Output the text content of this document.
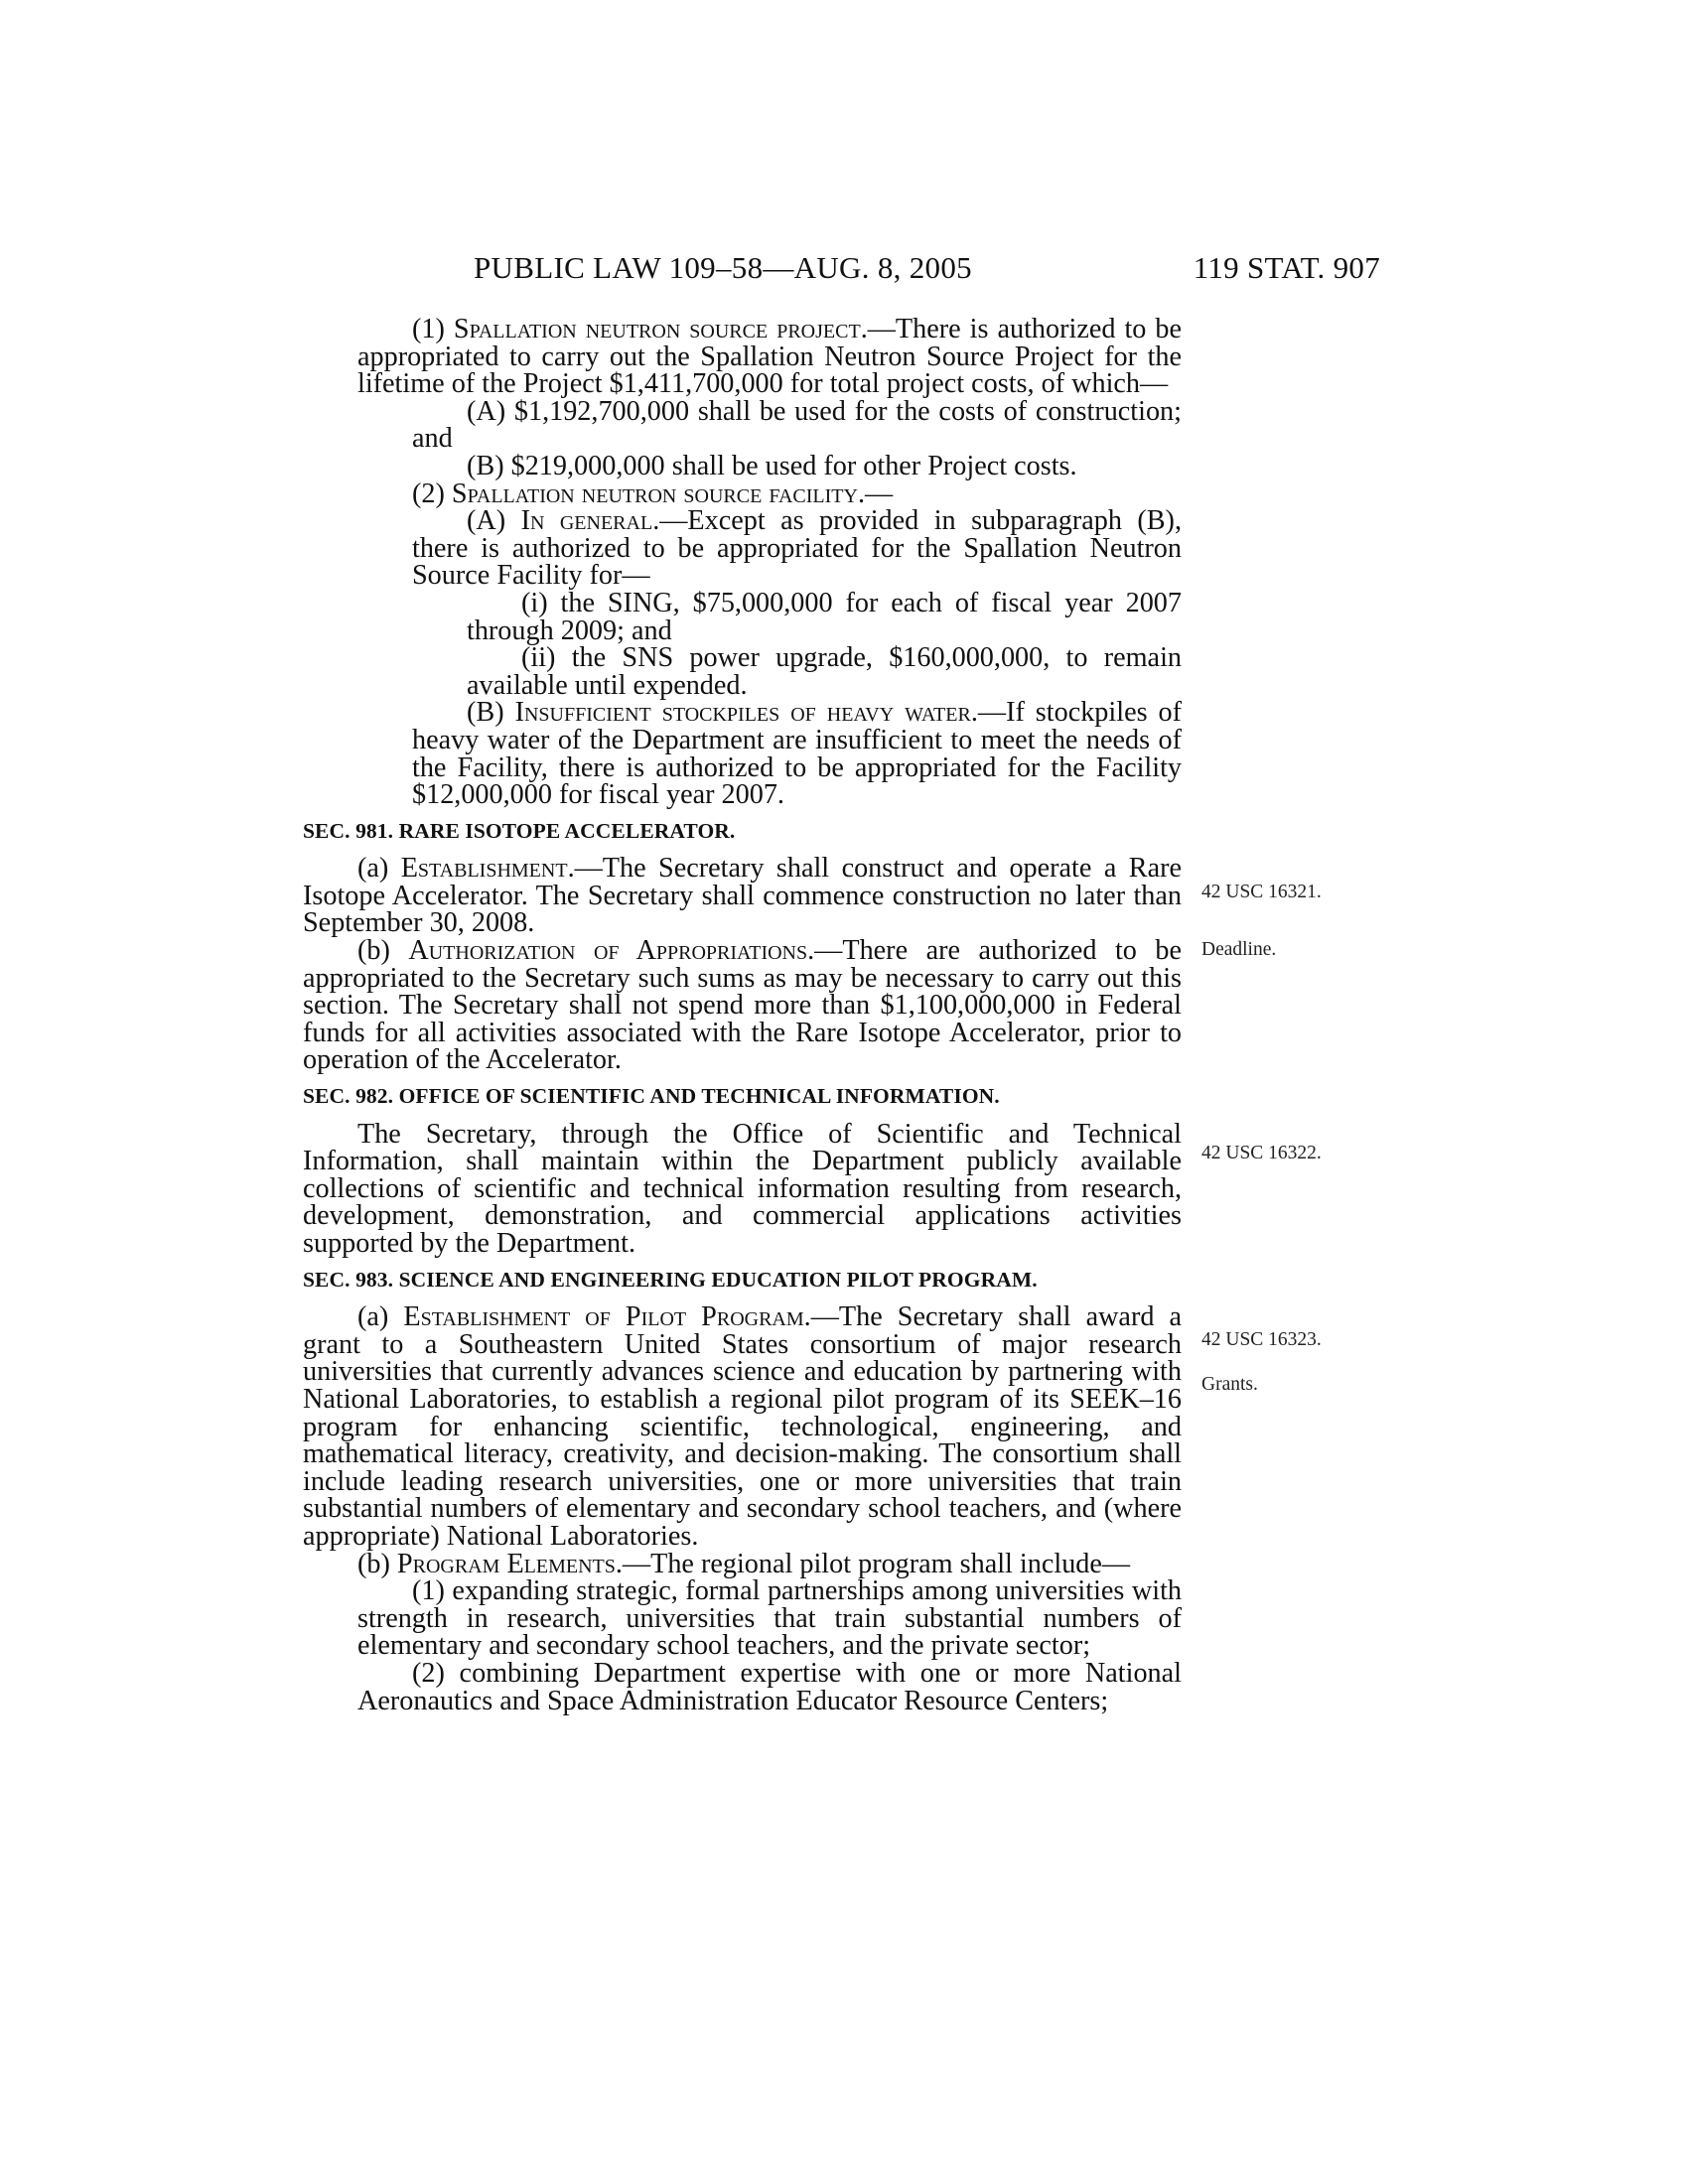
PUBLIC LAW 109–58—AUG. 8, 2005	119 STAT. 907

(1) Spallation neutron source project.—There is authorized to be appropriated to carry out the Spallation Neutron Source Project for the lifetime of the Project $1,411,700,000 for total project costs, of which—

(A) $1,192,700,000 shall be used for the costs of construction; and

(B) $219,000,000 shall be used for other Project costs.

(2) Spallation neutron source facility.—

(A) In general.—Except as provided in subparagraph (B), there is authorized to be appropriated for the Spallation Neutron Source Facility for—

(i) the SING, $75,000,000 for each of fiscal year 2007 through 2009; and

(ii) the SNS power upgrade, $160,000,000, to remain available until expended.

(B) Insufficient stockpiles of heavy water.—If stockpiles of heavy water of the Department are insufficient to meet the needs of the Facility, there is authorized to be appropriated for the Facility $12,000,000 for fiscal year 2007.

SEC. 981. RARE ISOTOPE ACCELERATOR.

(a) Establishment.—The Secretary shall construct and operate a Rare Isotope Accelerator. The Secretary shall commence construction no later than September 30, 2008.

(b) Authorization of Appropriations.—There are authorized to be appropriated to the Secretary such sums as may be necessary to carry out this section. The Secretary shall not spend more than $1,100,000,000 in Federal funds for all activities associated with the Rare Isotope Accelerator, prior to operation of the Accelerator.

SEC. 982. OFFICE OF SCIENTIFIC AND TECHNICAL INFORMATION.

The Secretary, through the Office of Scientific and Technical Information, shall maintain within the Department publicly available collections of scientific and technical information resulting from research, development, demonstration, and commercial applications activities supported by the Department.

SEC. 983. SCIENCE AND ENGINEERING EDUCATION PILOT PROGRAM.

(a) Establishment of Pilot Program.—The Secretary shall award a grant to a Southeastern United States consortium of major research universities that currently advances science and education by partnering with National Laboratories, to establish a regional pilot program of its SEEK–16 program for enhancing scientific, technological, engineering, and mathematical literacy, creativity, and decision-making. The consortium shall include leading research universities, one or more universities that train substantial numbers of elementary and secondary school teachers, and (where appropriate) National Laboratories.

(b) Program Elements.—The regional pilot program shall include—

(1) expanding strategic, formal partnerships among universities with strength in research, universities that train substantial numbers of elementary and secondary school teachers, and the private sector;

(2) combining Department expertise with one or more National Aeronautics and Space Administration Educator Resource Centers;

42 USC 16321.
Deadline.
42 USC 16322.
42 USC 16323.
Grants.
